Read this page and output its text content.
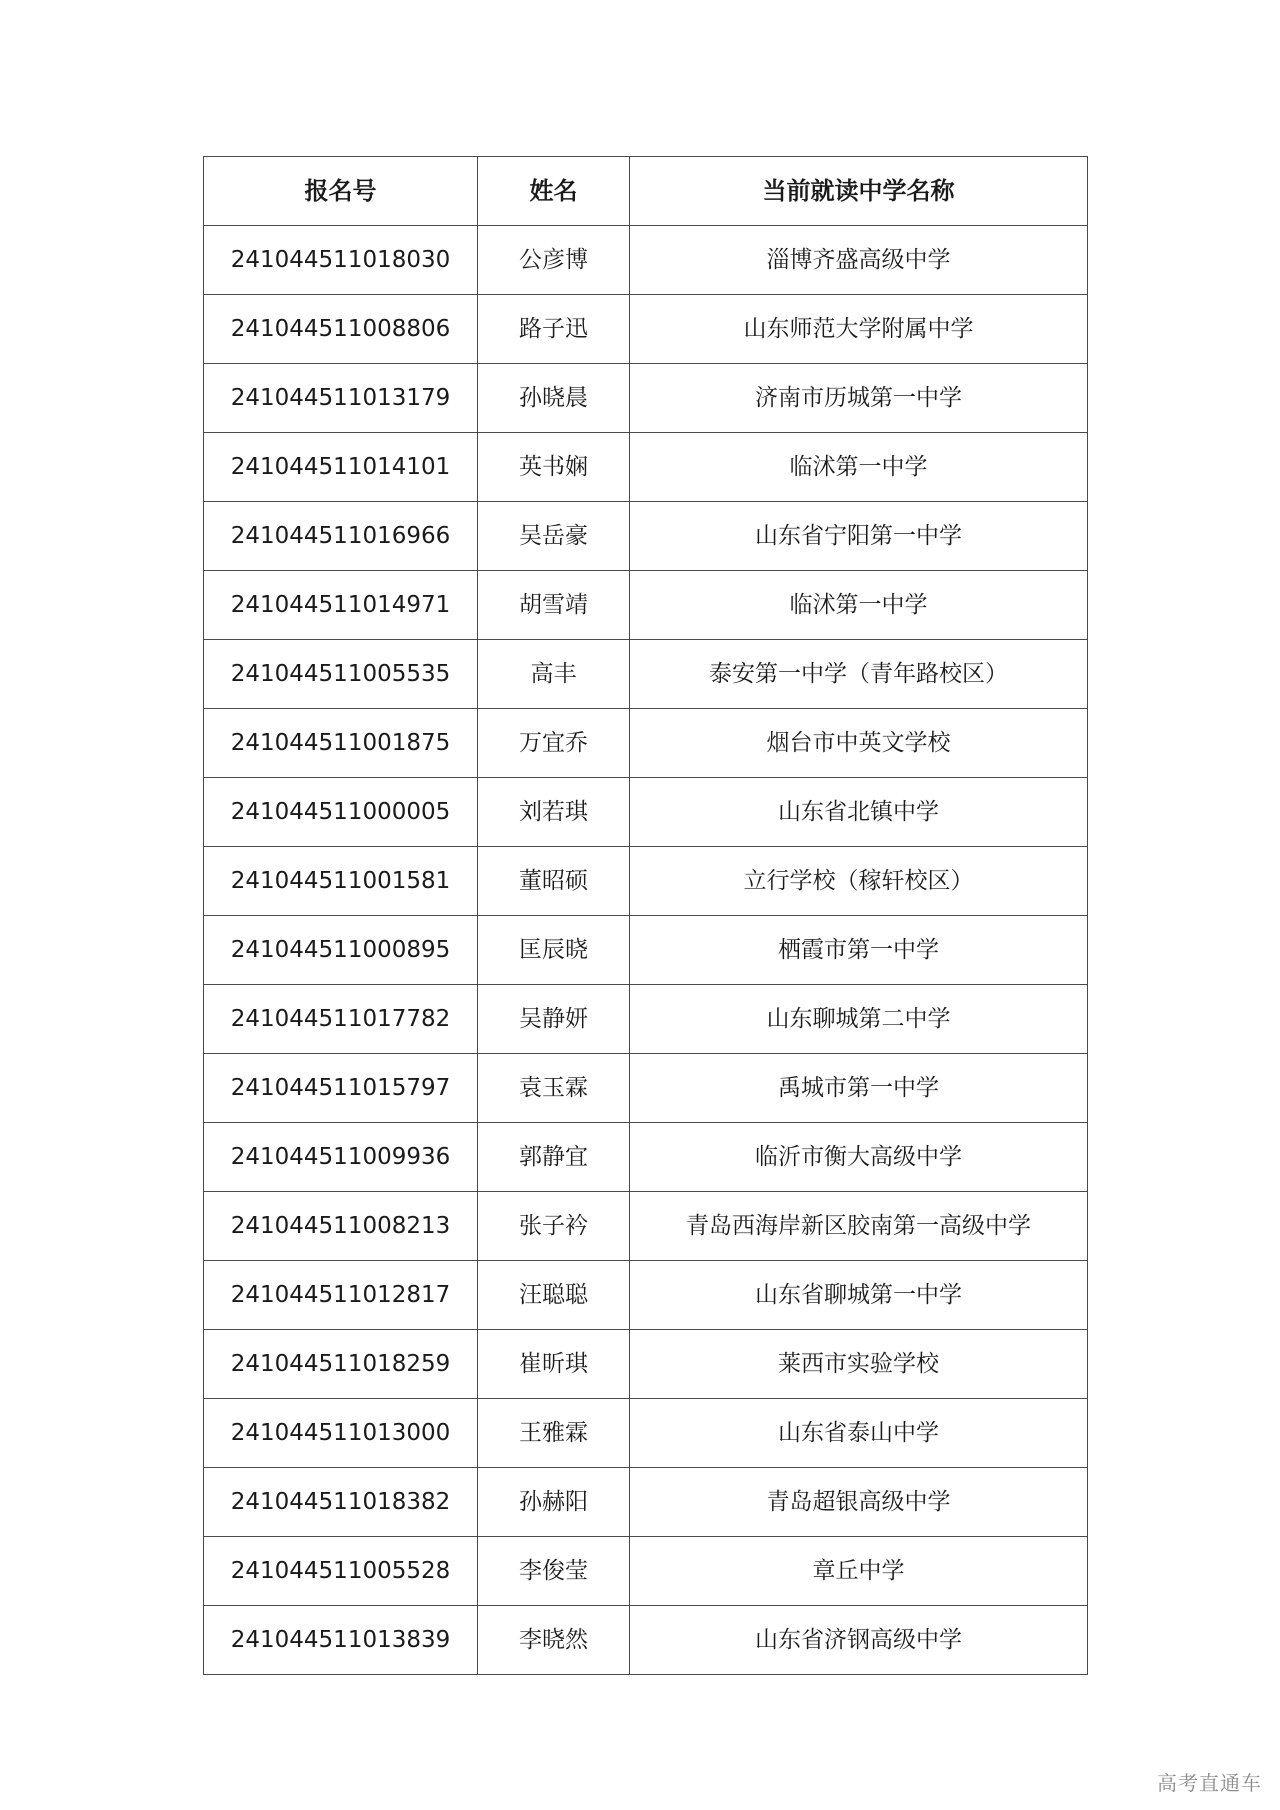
报名号	姓名	当前就读中学名称
241044511018030	公彦博	淄博齐盛高级中学
241044511008806	路子迅	山东师范大学附属中学
241044511013179	孙晓晨	济南市历城第一中学
241044511014101	英书娴	临沭第一中学
241044511016966	吴岳豪	山东省宁阳第一中学
241044511014971	胡雪靖	临沭第一中学
241044511005535	高丰	泰安第一中学（青年路校区）
241044511001875	万宜乔	烟台市中英文学校
241044511000005	刘若琪	山东省北镇中学
241044511001581	董昭硕	立行学校（稼轩校区）
241044511000895	匡辰晓	栖霞市第一中学
241044511017782	吴静妍	山东聊城第二中学
241044511015797	袁玉霖	禹城市第一中学
241044511009936	郭静宜	临沂市衡大高级中学
241044511008213	张子衿	青岛西海岸新区胶南第一高级中学
241044511012817	汪聪聪	山东省聊城第一中学
241044511018259	崔昕琪	莱西市实验学校
241044511013000	王雅霖	山东省泰山中学
241044511018382	孙赫阳	青岛超银高级中学
241044511005528	李俊莹	章丘中学
241044511013839	李晓然	山东省济钢高级中学
高考直通车
